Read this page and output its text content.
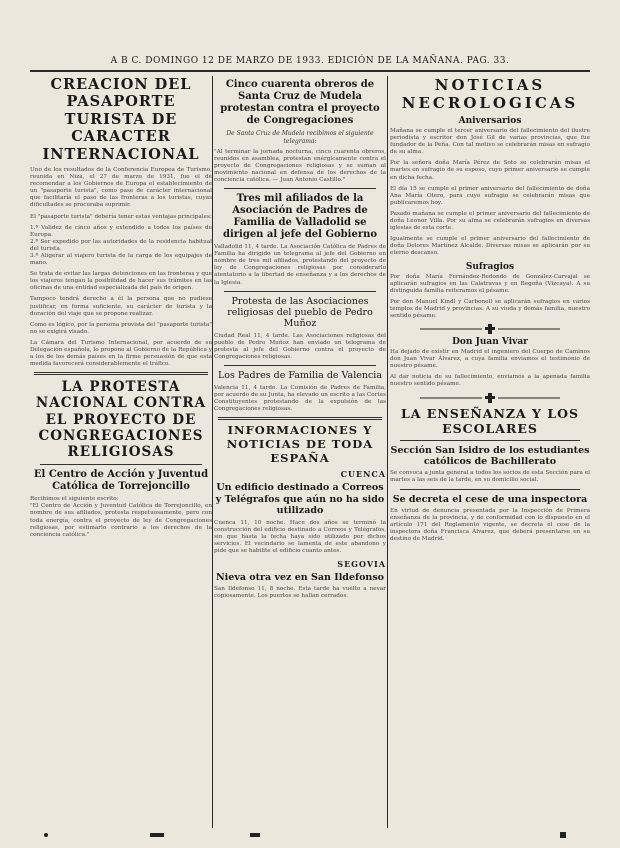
A B C. DOMINGO 12 DE MARZO DE 1933. EDICIÓN DE LA MAÑANA. PAG. 33.
CREACION DEL PASAPORTE TURISTA DE CARACTER INTERNACIONAL

Uno de los resultados de la Conferencia Europea de Turismo, reunida en Niza, el 27 de marzo de 1931, fue el de recomendar a los Gobiernos de Europa el establecimiento de un "pasaporte turista", como pase de carácter internacional que facilitaría el paso de las fronteras a los turistas, cuyas dificultades se procuraba suprimir.

El "pasaporte turista" debería tener estas ventajas principales:

1.ª Validez de cinco años y extendido a todos los países de Europa.
2.ª Ser expedido por las autoridades de la residencia habitual del turista.
3.ª Aligerar al viajero turista de la carga de los equipajes de mano.

Se trata de evitar las largas detenciones en las fronteras y que los viajeros tengan la posibilidad de hacer sus trámites en las oficinas de una entidad especializada del país de origen.

Tampoco tendrá derecho a él la persona que no pudiese justificar, en forma suficiente, su carácter de turista y la duración del viaje que se propone realizar.

Como es lógico, por la persona provista del "pasaporte turista" no se exigirá visado.

La Cámara del Turismo Internacional, por acuerdo de su Delegación española, lo propone al Gobierno de la República y a los de los demás países en la firme persuasión de que esta medida favorecerá considerablemente el tráfico.

LA PROTESTA NACIONAL CONTRA EL PROYECTO DE CONGREGACIONES RELIGIOSAS
El Centro de Acción y Juventud Católica de Torrejoncillo

Recibimos el siguiente escrito:
"El Centro de Acción y Juventud Católica de Torrejoncillo, en nombre de sus afiliados, protesta respetuosamente, pero con toda energía, contra el proyecto de ley de Congregaciones religiosas, por estimarlo contrario a los derechos de la conciencia católica."

Cinco cuarenta obreros de Santa Cruz de Mudela protestan contra el proyecto de Congregaciones

De Santa Cruz de Mudela recibimos el siguiente telegrama:

"Al terminar la jornada nocturna, cinco cuarenta obreros, reunidos en asamblea, protestan enérgicamente contra el proyecto de Congregaciones religiosas y se suman al movimiento nacional en defensa de los derechos de la conciencia católica. — Juan Antonio Castillo."

Tres mil afiliados de la Asociación de Padres de Familia de Valladolid se dirigen al jefe del Gobierno

Valladolid 11, 4 tarde. La Asociación Católica de Padres de Familia ha dirigido un telegrama al jefe del Gobierno en nombre de tres mil afiliados, protestando del proyecto de ley de Congregaciones religiosas por considerarlo atentatorio a la libertad de enseñanza y a los derechos de la Iglesia.

Protesta de las Asociaciones religiosas del pueblo de Pedro Muñoz

Ciudad Real 11, 4 tarde. Las Asociaciones religiosas del pueblo de Pedro Muñoz han enviado un telegrama de protesta al jefe del Gobierno contra el proyecto de Congregaciones religiosas.

Los Padres de Familia de Valencia

Valencia 11, 4 tarde. La Comisión de Padres de Familia, por acuerdo de su Junta, ha elevado un escrito a las Cortes Constituyentes protestando de la expulsión de las Congregaciones religiosas.

INFORMACIONES Y NOTICIAS DE TODA ESPAÑA
CUENCA
Un edificio destinado a Correos y Telégrafos que aún no ha sido utilizado

Cuenca 11, 10 noche. Hace dos años se terminó la construcción del edificio destinado a Correos y Telégrafos, sin que hasta la fecha haya sido utilizado por dichos servicios. El vecindario se lamenta de este abandono y pide que se habilite el edificio cuanto antes.

SEGOVIA
Nieva otra vez en San Ildefonso

San Ildefonso 11, 8 noche. Esta tarde ha vuelto a nevar copiosamente. Los puertos se hallan cerrados.

NOTICIAS NECROLOGICAS
Aniversarios

Mañana se cumple el tercer aniversario del fallecimiento del ilustre periodista y escritor don José Gil de varias provincias, que fue fundador de la Peña. Con tal motivo se celebrarán misas en sufragio de su alma.

Por la señora doña María Pérez de Soto se celebrarán misas el martes en sufragio de su esposo, cuyo primer aniversario se cumple en dicha fecha.

El día 15 se cumple el primer aniversario del fallecimiento de doña Ana María Otero, para cuyo sufragio se celebrarán misas que publicaremos hoy.

Pasado mañana se cumple el primer aniversario del fallecimiento de doña Leonor Villa. Por su alma se celebrarán sufragios en diversas iglesias de esta corte.

Igualmente se cumple el primer aniversario del fallecimiento de doña Dolores Martínez Alcalde. Diversas misas se aplicarán por su eterno descanso.

Sufragios

Por doña María Fernández-Redondo de González-Carvajal se aplicarán sufragios en las Calatravas y en Begoña (Vizcaya). A su distinguida familia reiteramos el pésame.

Por don Manuel Kindl y Carbonell se aplicarán sufragios en varios templos de Madrid y provincias. A su viuda y demás familia, nuestro sentido pésame.

Don Juan Vivar

Ha dejado de existir en Madrid el ingeniero del Cuerpo de Caminos don Juan Vivar Álvarez, a cuya familia enviamos el testimonio de nuestro pésame.

Al dar noticia de su fallecimiento, enviamos a la apenada familia nuestro sentido pésame.

LA ENSEÑANZA Y LOS ESCOLARES
Sección San Isidro de los estudiantes católicos de Bachillerato

Se convoca a junta general a todos los socios de esta Sección para el martes a las seis de la tarde, en su domicilio social.

Se decreta el cese de una inspectora

En virtud de denuncia presentada por la Inspección de Primera enseñanza de la provincia, y de conformidad con lo dispuesto en el artículo 171 del Reglamento vigente, se decreta el cese de la inspectora doña Francisca Álvarez, que deberá presentarse en su destino de Madrid.
